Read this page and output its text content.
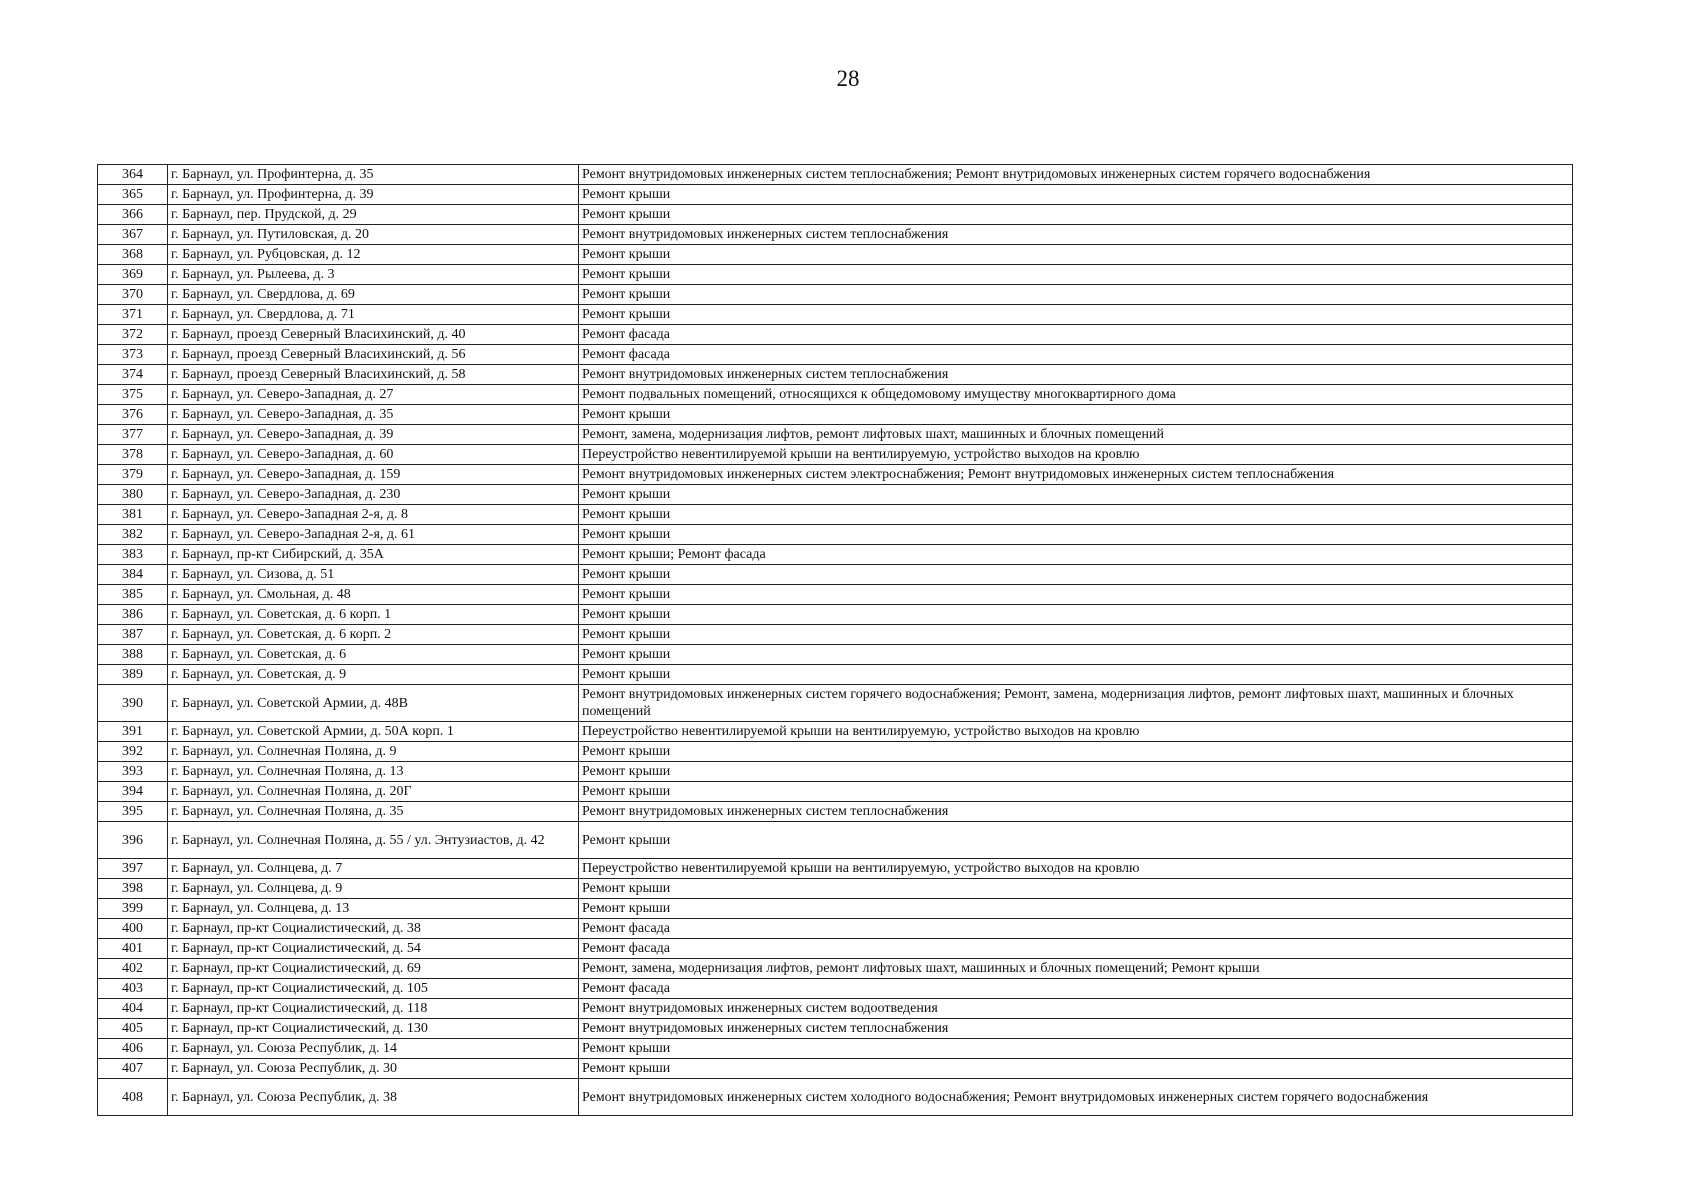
28
364	г. Барнаул, ул. Профинтерна, д. 35	Ремонт внутридомовых инженерных систем теплоснабжения; Ремонт внутридомовых инженерных систем горячего водоснабжения
365	г. Барнаул, ул. Профинтерна, д. 39	Ремонт крыши
366	г. Барнаул, пер. Прудской, д. 29	Ремонт крыши
367	г. Барнаул, ул. Путиловская, д. 20	Ремонт внутридомовых инженерных систем теплоснабжения
368	г. Барнаул, ул. Рубцовская, д. 12	Ремонт крыши
369	г. Барнаул, ул. Рылеева, д. 3	Ремонт крыши
370	г. Барнаул, ул. Свердлова, д. 69	Ремонт крыши
371	г. Барнаул, ул. Свердлова, д. 71	Ремонт крыши
372	г. Барнаул, проезд Северный Власихинский, д. 40	Ремонт фасада
373	г. Барнаул, проезд Северный Власихинский, д. 56	Ремонт фасада
374	г. Барнаул, проезд Северный Власихинский, д. 58	Ремонт внутридомовых инженерных систем теплоснабжения
375	г. Барнаул, ул. Северо-Западная, д. 27	Ремонт подвальных помещений, относящихся к общедомовому имуществу многоквартирного дома
376	г. Барнаул, ул. Северо-Западная, д. 35	Ремонт крыши
377	г. Барнаул, ул. Северо-Западная, д. 39	Ремонт, замена, модернизация лифтов, ремонт лифтовых шахт, машинных и блочных помещений
378	г. Барнаул, ул. Северо-Западная, д. 60	Переустройство невентилируемой крыши на вентилируемую, устройство выходов на кровлю
379	г. Барнаул, ул. Северо-Западная, д. 159	Ремонт внутридомовых инженерных систем электроснабжения; Ремонт внутридомовых инженерных систем теплоснабжения
380	г. Барнаул, ул. Северо-Западная, д. 230	Ремонт крыши
381	г. Барнаул, ул. Северо-Западная 2-я, д. 8	Ремонт крыши
382	г. Барнаул, ул. Северо-Западная 2-я, д. 61	Ремонт крыши
383	г. Барнаул, пр-кт Сибирский, д. 35А	Ремонт крыши; Ремонт фасада
384	г. Барнаул, ул. Сизова, д. 51	Ремонт крыши
385	г. Барнаул, ул. Смольная, д. 48	Ремонт крыши
386	г. Барнаул, ул. Советская, д. 6 корп. 1	Ремонт крыши
387	г. Барнаул, ул. Советская, д. 6 корп. 2	Ремонт крыши
388	г. Барнаул, ул. Советская, д. 6	Ремонт крыши
389	г. Барнаул, ул. Советская, д. 9	Ремонт крыши
390	г. Барнаул, ул. Советской Армии, д. 48В	Ремонт внутридомовых инженерных систем горячего водоснабжения; Ремонт, замена, модернизация лифтов, ремонт лифтовых шахт, машинных и блочных помещений
391	г. Барнаул, ул. Советской Армии, д. 50А корп. 1	Переустройство невентилируемой крыши на вентилируемую, устройство выходов на кровлю
392	г. Барнаул, ул. Солнечная Поляна, д. 9	Ремонт крыши
393	г. Барнаул, ул. Солнечная Поляна, д. 13	Ремонт крыши
394	г. Барнаул, ул. Солнечная Поляна, д. 20Г	Ремонт крыши
395	г. Барнаул, ул. Солнечная Поляна, д. 35	Ремонт внутридомовых инженерных систем теплоснабжения
396	г. Барнаул, ул. Солнечная Поляна, д. 55 / ул. Энтузиастов, д. 42	Ремонт крыши
397	г. Барнаул, ул. Солнцева, д. 7	Переустройство невентилируемой крыши на вентилируемую, устройство выходов на кровлю
398	г. Барнаул, ул. Солнцева, д. 9	Ремонт крыши
399	г. Барнаул, ул. Солнцева, д. 13	Ремонт крыши
400	г. Барнаул, пр-кт Социалистический, д. 38	Ремонт фасада
401	г. Барнаул, пр-кт Социалистический, д. 54	Ремонт фасада
402	г. Барнаул, пр-кт Социалистический, д. 69	Ремонт, замена, модернизация лифтов, ремонт лифтовых шахт, машинных и блочных помещений; Ремонт крыши
403	г. Барнаул, пр-кт Социалистический, д. 105	Ремонт фасада
404	г. Барнаул, пр-кт Социалистический, д. 118	Ремонт внутридомовых инженерных систем водоотведения
405	г. Барнаул, пр-кт Социалистический, д. 130	Ремонт внутридомовых инженерных систем теплоснабжения
406	г. Барнаул, ул. Союза Республик, д. 14	Ремонт крыши
407	г. Барнаул, ул. Союза Республик, д. 30	Ремонт крыши
408	г. Барнаул, ул. Союза Республик, д. 38	Ремонт внутридомовых инженерных систем холодного водоснабжения; Ремонт внутридомовых инженерных систем горячего водоснабжения
